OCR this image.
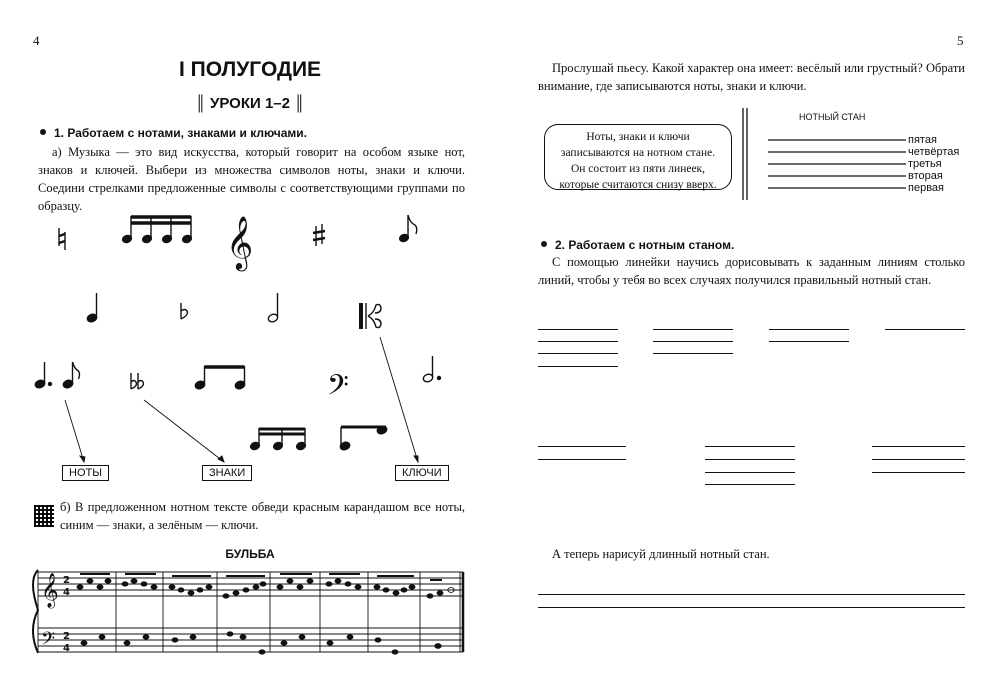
4
I ПОЛУГОДИЕ
║ УРОКИ 1–2 ║
1. Работаем с нотами, знаками и ключами.
а) Музыка — это вид искусства, который говорит на особом языке нот, знаков и ключей. Выбери из множества символов ноты, знаки и ключи. Соедини стрелками предложенные символы с соответствующими группами по образцу.
𝄞
𝄢
НОТЫ	ЗНАКИ	КЛЮЧИ
б) В предложенном нотном тексте обведи красным карандашом все ноты, синим — знаки, а зелёным — ключи.
БУЛЬБА
𝄞
𝄢
2
4
2
4
5
Прослушай пьесу. Какой характер она имеет: весёлый или грустный? Обрати внимание, где записываются ноты, знаки и ключи.
Ноты, знаки и ключи записываются на нотном стане. Он состоит из пяти линеек, которые считаются снизу вверх.
НОТНЫЙ СТАН
пятая
четвёртая
третья
вторая
первая
2. Работаем с нотным станом.
С помощью линейки научись дорисовывать к заданным линиям столько линий, чтобы у тебя во всех случаях получился правильный нотный стан.
А теперь нарисуй длинный нотный стан.
